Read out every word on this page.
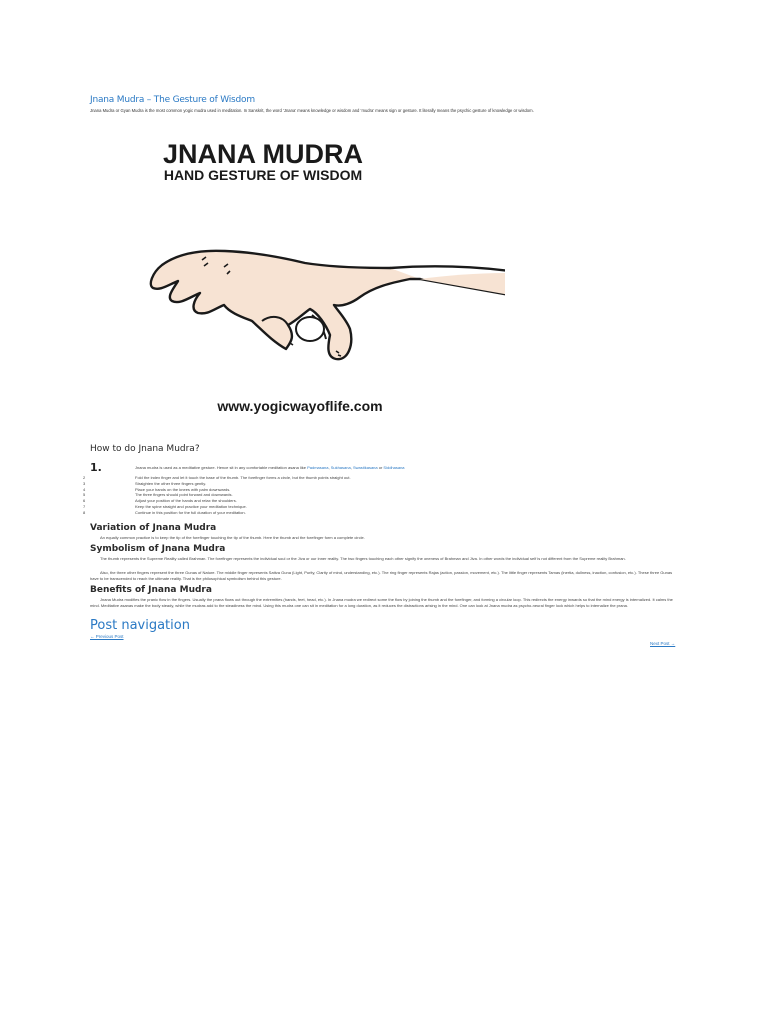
Jnana Mudra – The Gesture of Wisdom

Jnana Mudra or Gyan Mudra is the most common yogic mudra used in meditation. In Sanskrit, the word ‘Jnana’ means knowledge or wisdom and ‘mudra’ means sign or gesture. It literally means the psychic gesture of knowledge or wisdom.

JNANA MUDRA
HAND GESTURE OF WISDOM
www.yogicwayoflife.com
How to do Jnana Mudra?
1.	Jnana mudra is used as a meditative gesture. Hence sit in any comfortable meditation asana like Padmasana, Sukhasana, Swastikasana or Siddhasana
2	Fold the index finger and let it touch the base of the thumb. The forefinger forms a circle, but the thumb points straight out.
3	Straighten the other three fingers gently.
4	Place your hands on the knees with palm downwards.
5	The three fingers should point forward and downwards.
6	Adjust your position of the hands and relax the shoulders.
7	Keep the spine straight and practice your meditation technique.
8	Continue in this position for the full duration of your meditation.
Variation of Jnana Mudra

An equally common practice is to keep the tip of the forefinger touching the tip of the thumb. Here the thumb and the forefinger form a complete circle.

Symbolism of Jnana Mudra

The thumb represents the Supreme Reality called Brahman. The forefinger represents the individual soul or the Jiva or our inner reality. The two fingers touching each other signify the oneness of Brahman and Jiva. In other words the individual self is not different from the Supreme reality Brahman.

Also, the three other fingers represent the three Gunas of Nature. The middle finger represents Sattva Guna (Light, Purity, Clarity of mind, understanding, etc.). The ring finger represents Rajas (action, passion, movement, etc.). The little finger represents Tamas (inertia, dullness, inaction, confusion, etc.). These three Gunas have to be transcended to reach the ultimate reality. That is the philosophical symbolism behind this gesture.

Benefits of Jnana Mudra

Jnana Mudra modifies the pranic flow in the fingers. Usually the prana flows out through the extremities (hands, feet, head, etc.). In Jnana mudra we redirect some the flow by joining the thumb and the forefinger, and forming a circular loop. This redirects the energy inwards so that the mind energy is internalized. It calms the mind. Meditative asanas make the body steady, while the mudras add to the steadiness the mind. Using this mudra one can sit in meditation for a long duration, as it reduces the distractions arising in the mind. One can look at Jnana mudra as psycho-neural finger lock which helps to internalize the prana.

Post navigation
← Previous Post
Next Post →
